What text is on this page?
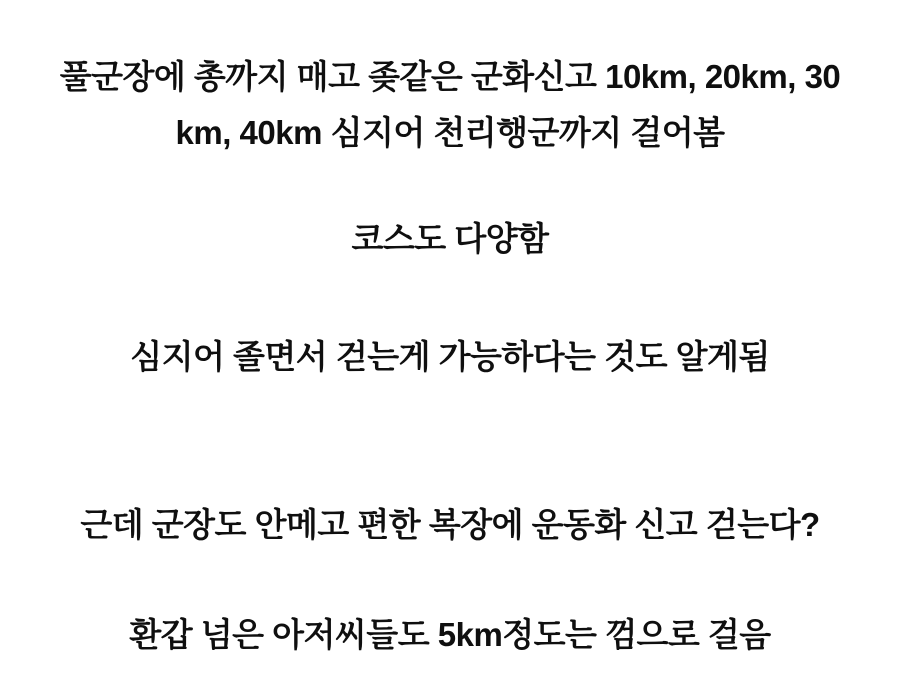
풀군장에 총까지 매고 좆같은 군화신고 10km, 20km, 30
km, 40km 심지어 천리행군까지 걸어봄
코스도 다양함
심지어 졸면서 걷는게 가능하다는 것도 알게됨
근데 군장도 안메고 편한 복장에 운동화 신고 걷는다?
환갑 넘은 아저씨들도 5km정도는 껌으로 걸음
